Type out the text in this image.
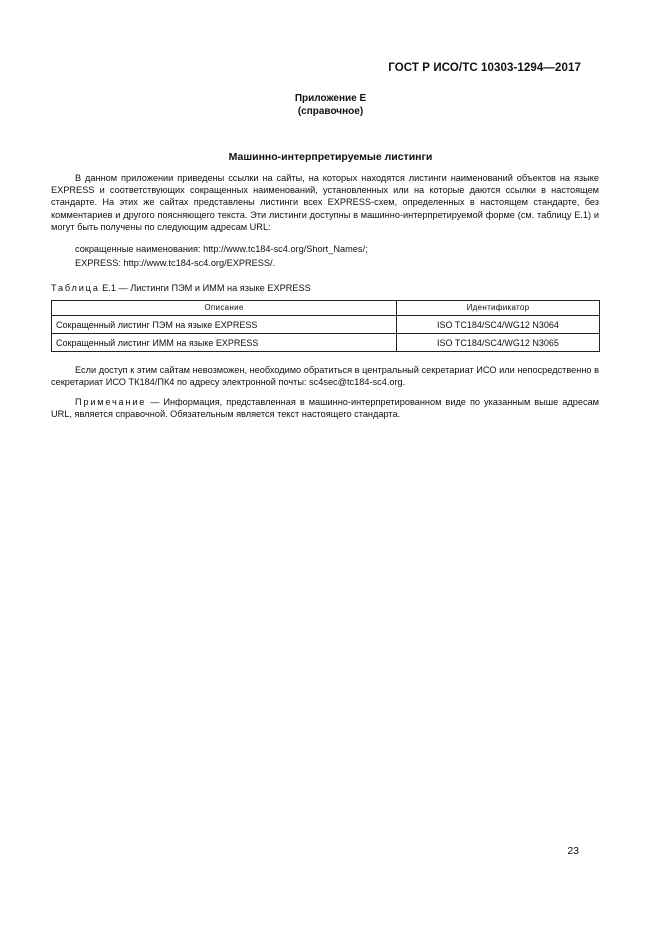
ГОСТ Р ИСО/ТС 10303-1294—2017
Приложение Е
(справочное)
Машинно-интерпретируемые листинги

В данном приложении приведены ссылки на сайты, на которых находятся листинги наименований объектов на языке EXPRESS и соответствующих сокращенных наименований, установленных или на которые даются ссылки в настоящем стандарте. На этих же сайтах представлены листинги всех EXPRESS-схем, определенных в настоящем стандарте, без комментариев и другого поясняющего текста. Эти листинги доступны в машинно-интерпретируемой форме (см. таблицу Е.1) и могут быть получены по следующим адресам URL:

сокращенные наименования: http://www.tc184-sc4.org/Short_Names/;
EXPRESS: http://www.tc184-sc4.org/EXPRESS/.
Таблица Е.1 — Листинги ПЭМ и ИММ на языке EXPRESS
Описание	Идентификатор
Сокращенный листинг ПЭМ на языке EXPRESS	ISO TC184/SC4/WG12 N3064
Сокращенный листинг ИММ на языке EXPRESS	ISO TC184/SC4/WG12 N3065

Если доступ к этим сайтам невозможен, необходимо обратиться в центральный секретариат ИСО или непосредственно в секретариат ИСО ТК184/ПК4 по адресу электронной почты: sc4sec@tc184-sc4.org.

Примечание — Информация, представленная в машинно-интерпретированном виде по указанным выше адресам URL, является справочной. Обязательным является текст настоящего стандарта.

23
